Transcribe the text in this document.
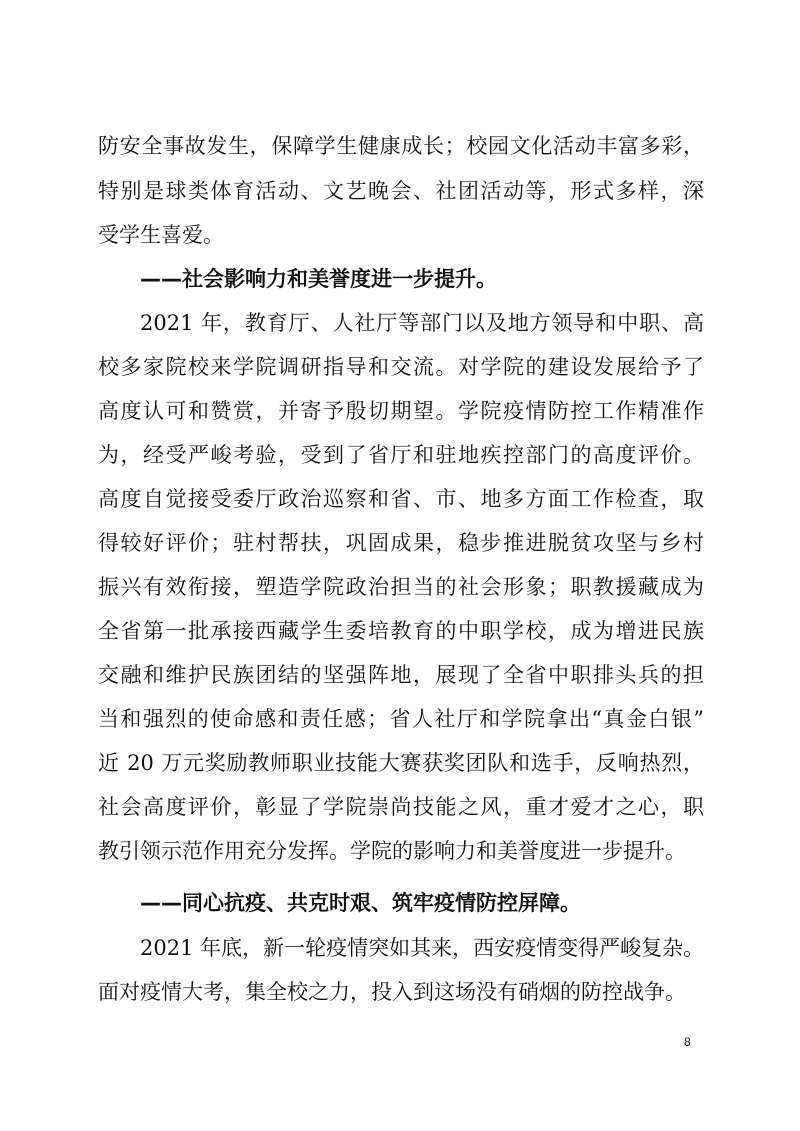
防安全事故发生，保障学生健康成长；校园文化活动丰富多彩，
特别是球类体育活动、文艺晚会、社团活动等，形式多样，深
受学生喜爱。
——社会影响力和美誉度进一步提升。
2021 年，教育厅、人社厅等部门以及地方领导和中职、高
校多家院校来学院调研指导和交流。对学院的建设发展给予了
高度认可和赞赏，并寄予殷切期望。学院疫情防控工作精准作
为，经受严峻考验，受到了省厅和驻地疾控部门的高度评价。
高度自觉接受委厅政治巡察和省、市、地多方面工作检查，取
得较好评价；驻村帮扶，巩固成果，稳步推进脱贫攻坚与乡村
振兴有效衔接，塑造学院政治担当的社会形象；职教援藏成为
全省第一批承接西藏学生委培教育的中职学校，成为增进民族
交融和维护民族团结的坚强阵地，展现了全省中职排头兵的担
当和强烈的使命感和责任感；省人社厅和学院拿出“真金白银”
近 20 万元奖励教师职业技能大赛获奖团队和选手，反响热烈，
社会高度评价，彰显了学院崇尚技能之风，重才爱才之心，职
教引领示范作用充分发挥。学院的影响力和美誉度进一步提升。
——同心抗疫、共克时艰、筑牢疫情防控屏障。
2021 年底，新一轮疫情突如其来，西安疫情变得严峻复杂。
面对疫情大考，集全校之力，投入到这场没有硝烟的防控战争。
8
